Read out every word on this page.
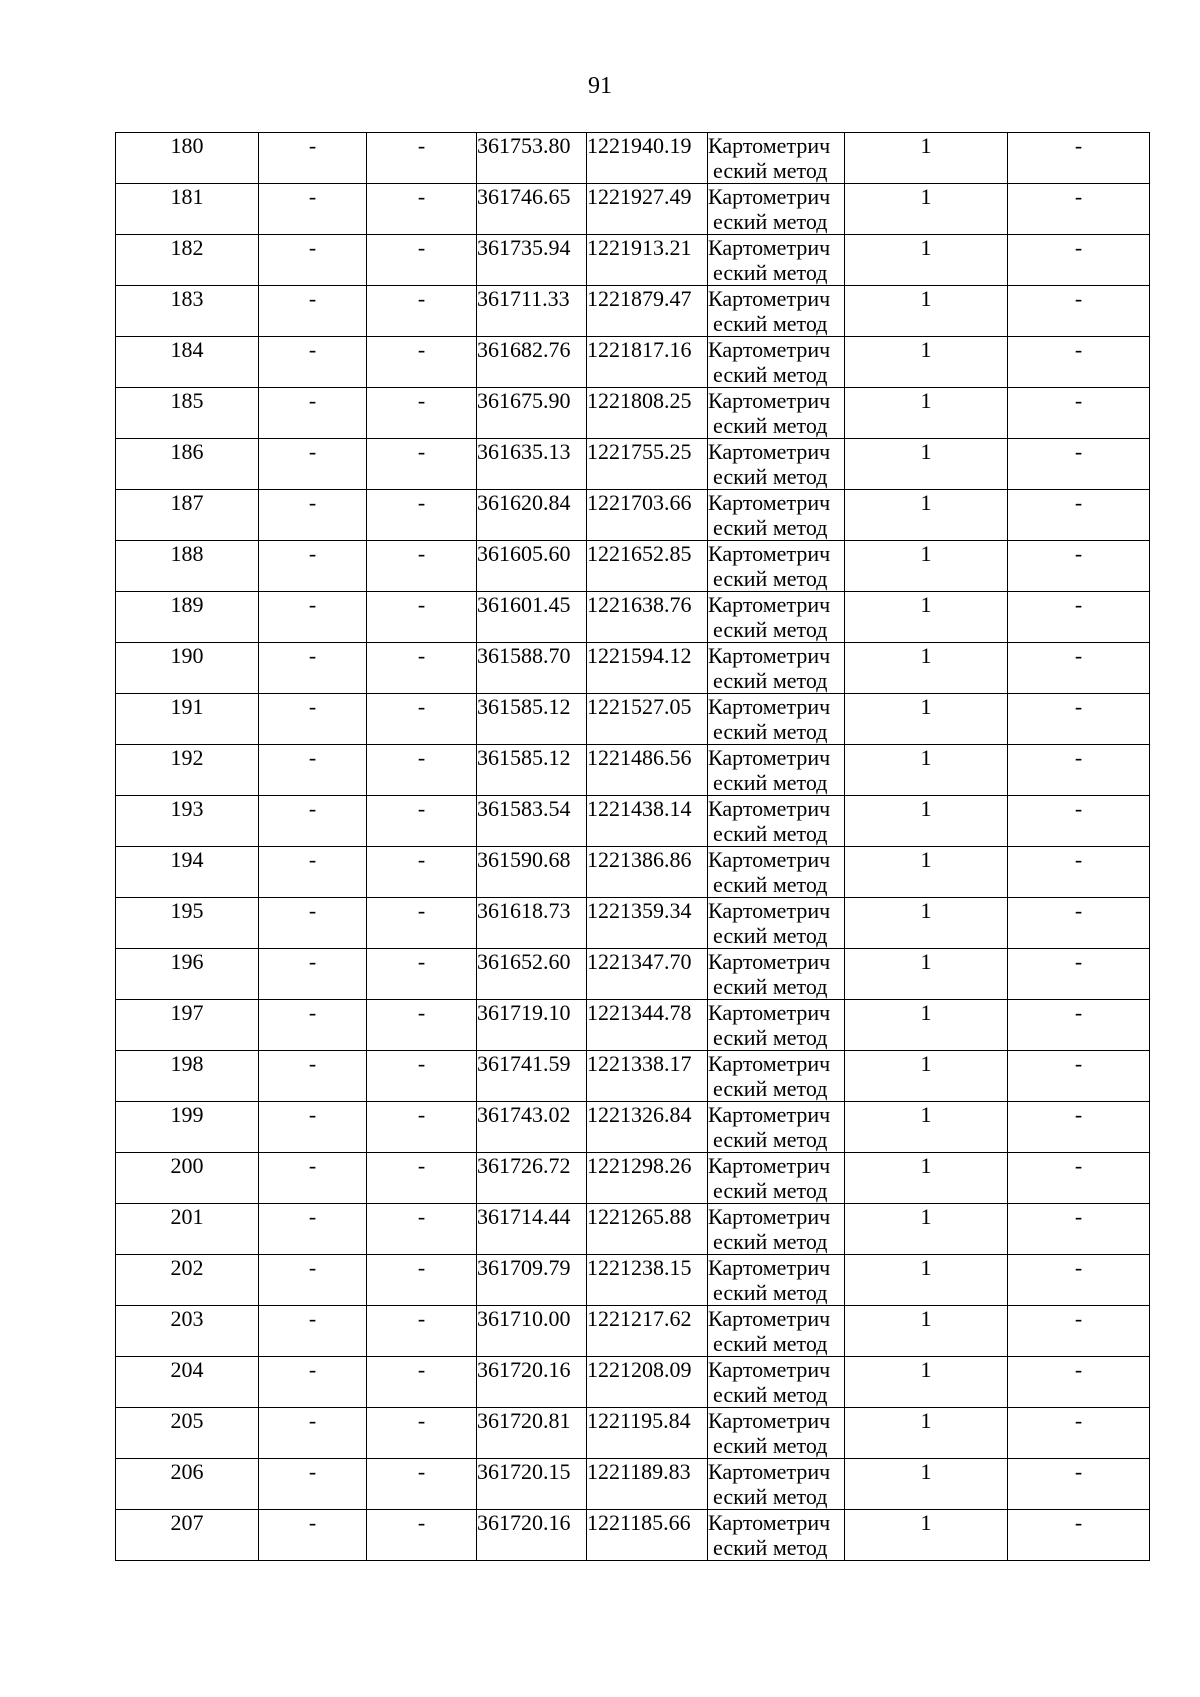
91
180	-	-	361753.80	1221940.19	Картометрич
еский метод	1	-
181	-	-	361746.65	1221927.49	Картометрич
еский метод	1	-
182	-	-	361735.94	1221913.21	Картометрич
еский метод	1	-
183	-	-	361711.33	1221879.47	Картометрич
еский метод	1	-
184	-	-	361682.76	1221817.16	Картометрич
еский метод	1	-
185	-	-	361675.90	1221808.25	Картометрич
еский метод	1	-
186	-	-	361635.13	1221755.25	Картометрич
еский метод	1	-
187	-	-	361620.84	1221703.66	Картометрич
еский метод	1	-
188	-	-	361605.60	1221652.85	Картометрич
еский метод	1	-
189	-	-	361601.45	1221638.76	Картометрич
еский метод	1	-
190	-	-	361588.70	1221594.12	Картометрич
еский метод	1	-
191	-	-	361585.12	1221527.05	Картометрич
еский метод	1	-
192	-	-	361585.12	1221486.56	Картометрич
еский метод	1	-
193	-	-	361583.54	1221438.14	Картометрич
еский метод	1	-
194	-	-	361590.68	1221386.86	Картометрич
еский метод	1	-
195	-	-	361618.73	1221359.34	Картометрич
еский метод	1	-
196	-	-	361652.60	1221347.70	Картометрич
еский метод	1	-
197	-	-	361719.10	1221344.78	Картометрич
еский метод	1	-
198	-	-	361741.59	1221338.17	Картометрич
еский метод	1	-
199	-	-	361743.02	1221326.84	Картометрич
еский метод	1	-
200	-	-	361726.72	1221298.26	Картометрич
еский метод	1	-
201	-	-	361714.44	1221265.88	Картометрич
еский метод	1	-
202	-	-	361709.79	1221238.15	Картометрич
еский метод	1	-
203	-	-	361710.00	1221217.62	Картометрич
еский метод	1	-
204	-	-	361720.16	1221208.09	Картометрич
еский метод	1	-
205	-	-	361720.81	1221195.84	Картометрич
еский метод	1	-
206	-	-	361720.15	1221189.83	Картометрич
еский метод	1	-
207	-	-	361720.16	1221185.66	Картометрич
еский метод	1	-
